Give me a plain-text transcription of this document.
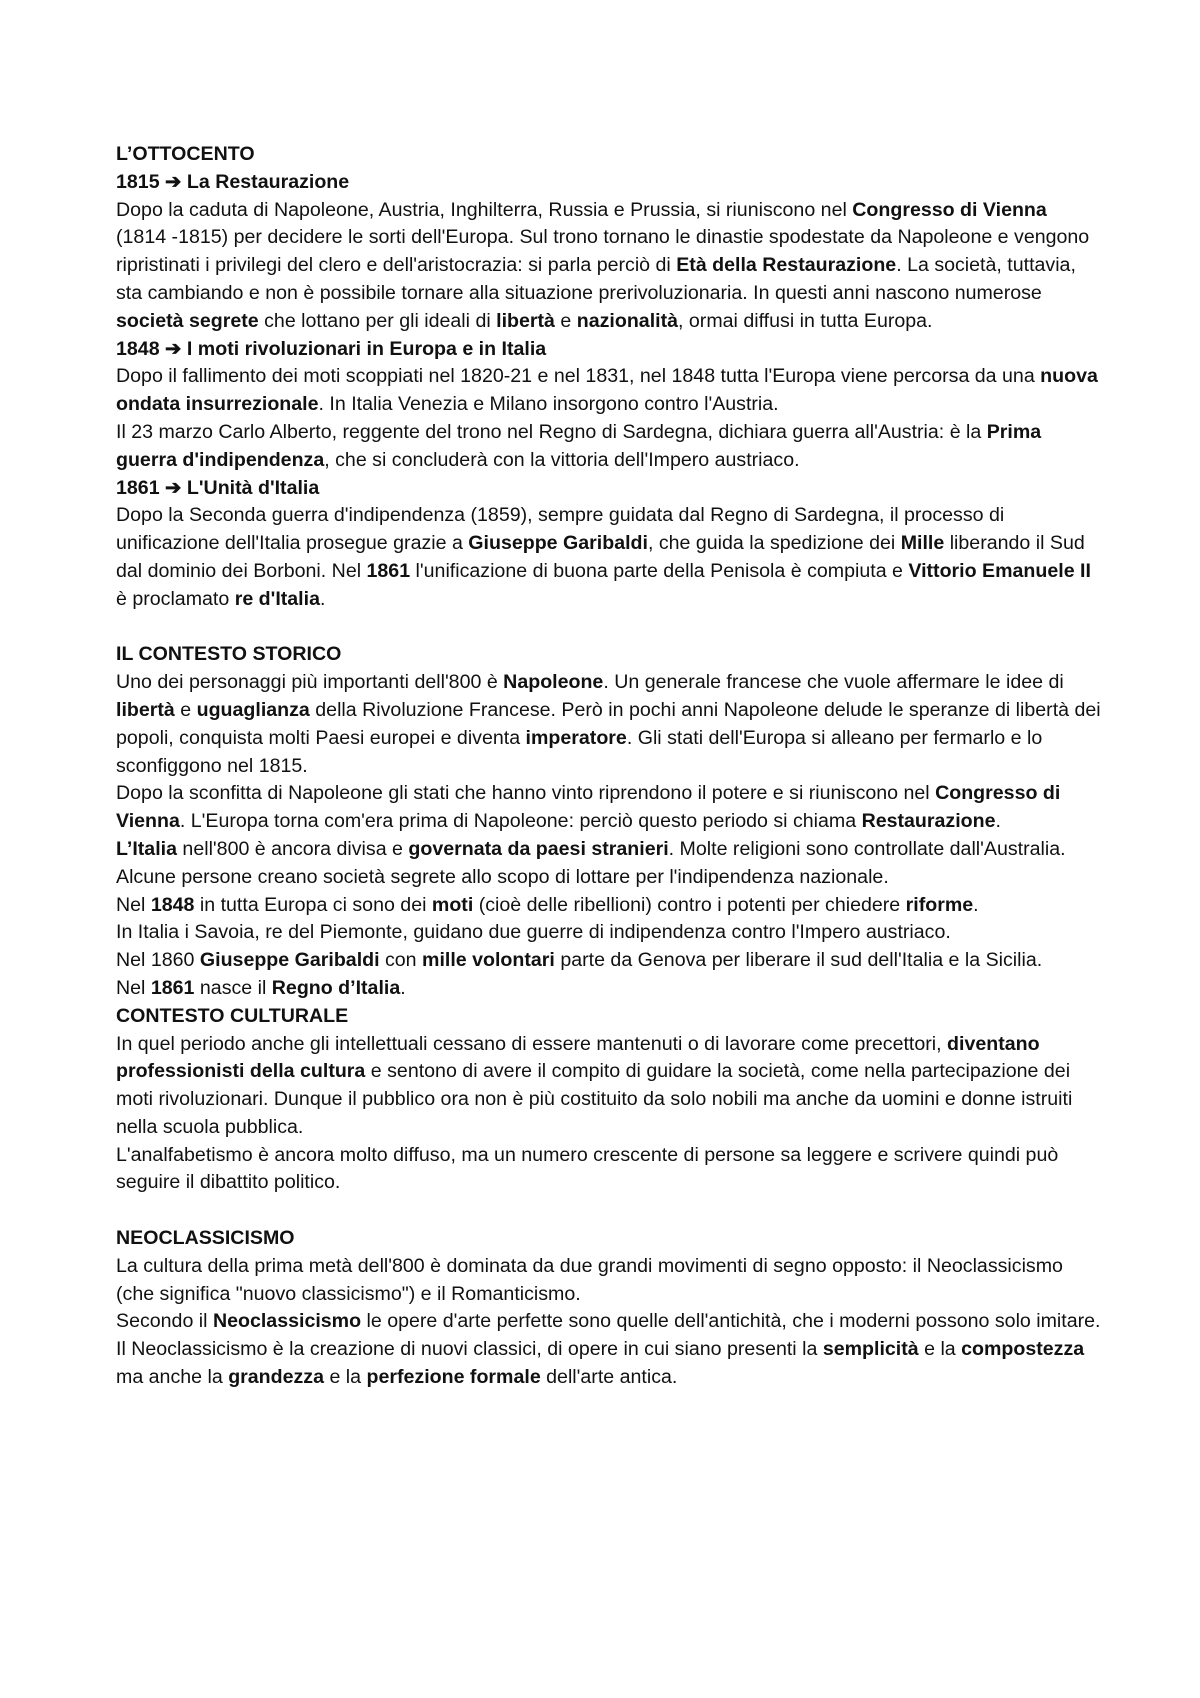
L’OTTOCENTO

1815 ➔ La Restaurazione

Dopo la caduta di Napoleone, Austria, Inghilterra, Russia e Prussia, si riuniscono nel Congresso di Vienna (1814 -1815) per decidere le sorti dell'Europa. Sul trono tornano le dinastie spodestate da Napoleone e vengono ripristinati i privilegi del clero e dell'aristocrazia: si parla perciò di Età della Restaurazione. La società, tuttavia, sta cambiando e non è possibile tornare alla situazione prerivoluzionaria. In questi anni nascono numerose società segrete che lottano per gli ideali di libertà e nazionalità, ormai diffusi in tutta Europa.

1848 ➔ I moti rivoluzionari in Europa e in Italia

Dopo il fallimento dei moti scoppiati nel 1820-21 e nel 1831, nel 1848 tutta l'Europa viene percorsa da una nuova ondata insurrezionale. In Italia Venezia e Milano insorgono contro l'Austria.

Il 23 marzo Carlo Alberto, reggente del trono nel Regno di Sardegna, dichiara guerra all'Austria: è la Prima guerra d'indipendenza, che si concluderà con la vittoria dell'Impero austriaco.

1861 ➔ L'Unità d'Italia

Dopo la Seconda guerra d'indipendenza (1859), sempre guidata dal Regno di Sardegna, il processo di unificazione dell'Italia prosegue grazie a Giuseppe Garibaldi, che guida la spedizione dei Mille liberando il Sud dal dominio dei Borboni. Nel 1861 l'unificazione di buona parte della Penisola è compiuta e Vittorio Emanuele II è proclamato re d'Italia.

IL CONTESTO STORICO

Uno dei personaggi più importanti dell'800 è Napoleone. Un generale francese che vuole affermare le idee di libertà e uguaglianza della Rivoluzione Francese. Però in pochi anni Napoleone delude le speranze di libertà dei popoli, conquista molti Paesi europei e diventa imperatore. Gli stati dell'Europa si alleano per fermarlo e lo sconfiggono nel 1815.

Dopo la sconfitta di Napoleone gli stati che hanno vinto riprendono il potere e si riuniscono nel Congresso di Vienna. L'Europa torna com'era prima di Napoleone: perciò questo periodo si chiama Restaurazione.

L’Italia nell'800 è ancora divisa e governata da paesi stranieri. Molte religioni sono controllate dall'Australia. Alcune persone creano società segrete allo scopo di lottare per l'indipendenza nazionale.

Nel 1848 in tutta Europa ci sono dei moti (cioè delle ribellioni) contro i potenti per chiedere riforme.

In Italia i Savoia, re del Piemonte, guidano due guerre di indipendenza contro l'Impero austriaco.

Nel 1860 Giuseppe Garibaldi con mille volontari parte da Genova per liberare il sud dell'Italia e la Sicilia.

Nel 1861 nasce il Regno d’Italia.

CONTESTO CULTURALE

In quel periodo anche gli intellettuali cessano di essere mantenuti o di lavorare come precettori, diventano professionisti della cultura e sentono di avere il compito di guidare la società, come nella partecipazione dei moti rivoluzionari. Dunque il pubblico ora non è più costituito da solo nobili ma anche da uomini e donne istruiti nella scuola pubblica.

L'analfabetismo è ancora molto diffuso, ma un numero crescente di persone sa leggere e scrivere quindi può seguire il dibattito politico.

NEOCLASSICISMO

La cultura della prima metà dell'800 è dominata da due grandi movimenti di segno opposto: il Neoclassicismo (che significa "nuovo classicismo") e il Romanticismo.

Secondo il Neoclassicismo le opere d'arte perfette sono quelle dell'antichità, che i moderni possono solo imitare.

Il Neoclassicismo è la creazione di nuovi classici, di opere in cui siano presenti la semplicità e la compostezza ma anche la grandezza e la perfezione formale dell'arte antica.
